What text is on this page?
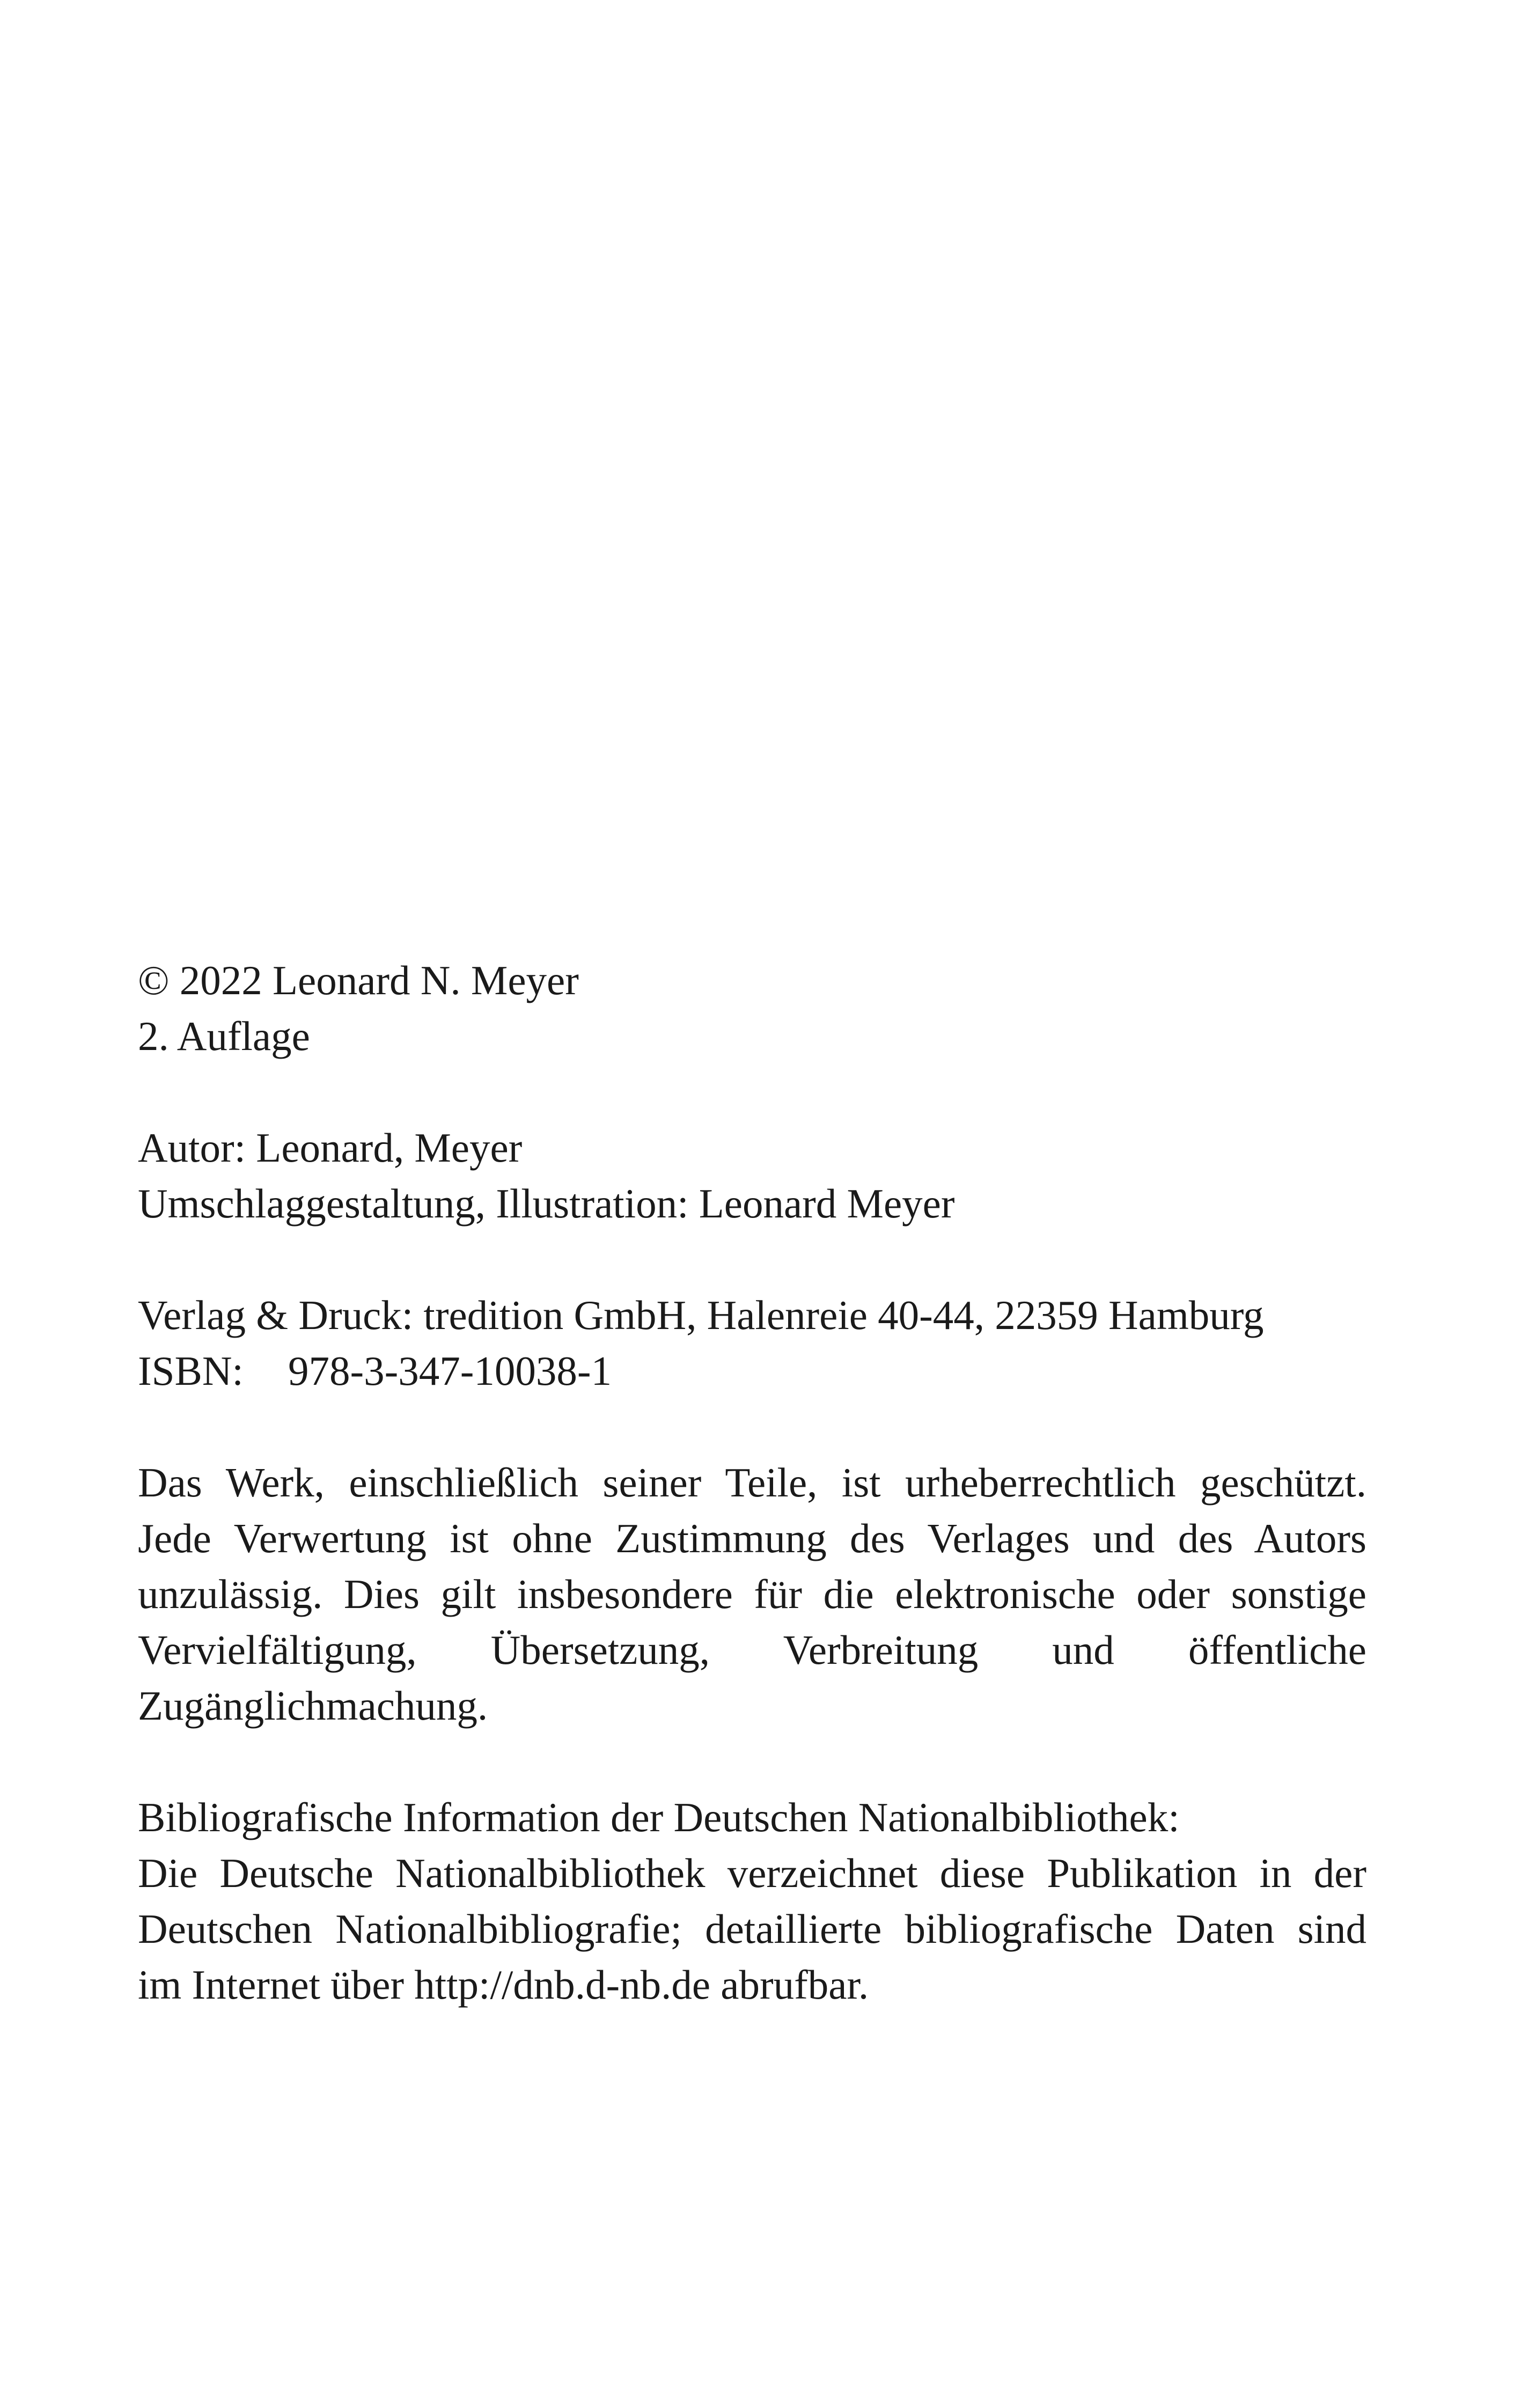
© 2022 Leonard N. Meyer
2. Auflage
Autor: Leonard, Meyer
Umschlaggestaltung, Illustration: Leonard Meyer
Verlag & Druck: tredition GmbH, Halenreie 40-44, 22359 Hamburg
ISBN: 978-3-347-10038-1
Das Werk, einschließlich seiner Teile, ist urheberrechtlich geschützt.
Jede Verwertung ist ohne Zustimmung des Verlages und des Autors
unzulässig. Dies gilt insbesondere für die elektronische oder sonstige
Vervielfältigung, Übersetzung, Verbreitung und öffentliche
Zugänglichmachung.
Bibliografische Information der Deutschen Nationalbibliothek:
Die Deutsche Nationalbibliothek verzeichnet diese Publikation in der
Deutschen Nationalbibliografie; detaillierte bibliografische Daten sind
im Internet über http://dnb.d-nb.de abrufbar.
